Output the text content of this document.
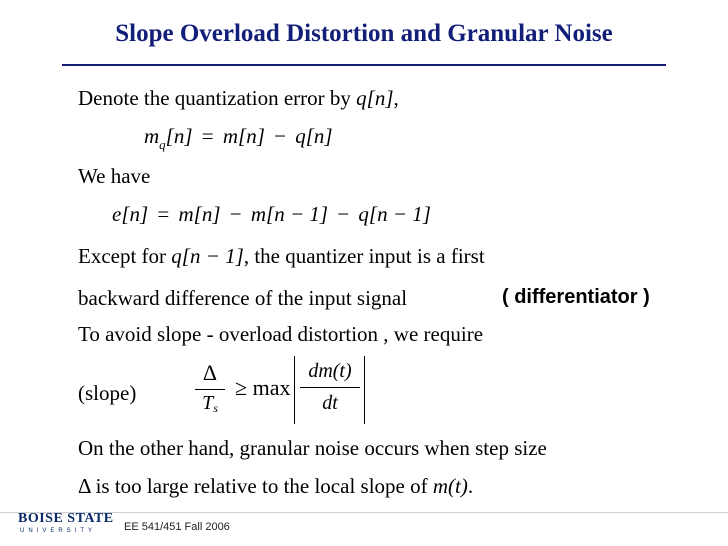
Slope Overload Distortion and Granular Noise
Denote the quantization error by q[n],
$m_q[n] = m[n] - q[n]$
We have
e[n] = m[n] − m[n − 1] − q[n − 1]
Except for q[n − 1], the quantizer input is a first
backward difference of the input signal	( differentiator )
To avoid slope - overload distortion , we require
(slope)
Δ
Ts
≥ max
dm(t)
dt
On the other hand, granular noise occurs when step size
Δ is too large relative to the local slope of m(t).
BOISE STATE
UNIVERSITY	EE 541/451 Fall 2006
